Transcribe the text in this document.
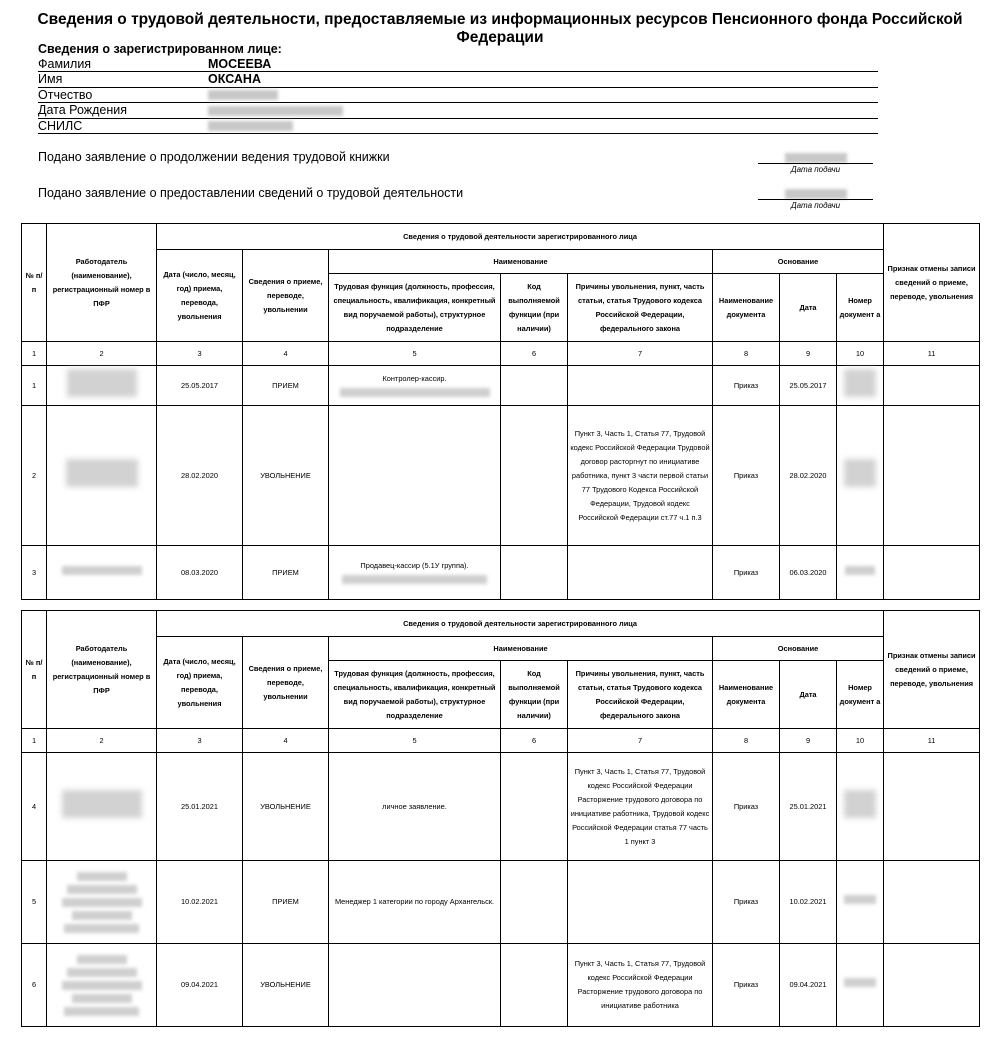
Сведения о трудовой деятельности, предоставляемые из информационных ресурсов Пенсионного фонда Российской Федерации
Сведения о зарегистрированном лице:
Фамилия	МОСЕЕВА
Имя	ОКСАНА
Отчество
Дата Рождения
СНИЛС
Подано заявление о продолжении ведения трудовой книжки
Дата подачи
Подано заявление о предоставлении сведений о трудовой деятельности
Дата подачи
№ п/п	Работодатель (наименование), регистрационный номер в ПФР	Сведения о трудовой деятельности зарегистрированного лица								Признак отмены записи сведений о приеме, переводе, увольнения
		Дата (число, месяц, год) приема, перевода, увольнения	Сведения о приеме, переводе, увольнении	Наименование			Основание			
				Трудовая функция (должность, профессия, специальность, квалификация, конкретный вид поручаемой работы), структурное подразделение	Код выполняемой функции (при наличии)	Причины увольнения, пункт, часть статьи, статья Трудового кодекса Российской Федерации, федерального закона	Наименование документа	Дата	Номер документ а	
1	2	3	4	5	6	7	8	9	10	11
1		25.05.2017	ПРИЕМ	Контролер-кассир.			Приказ	25.05.2017		
2		28.02.2020	УВОЛЬНЕНИЕ			Пункт 3, Часть 1, Статья 77, Трудовой кодекс Российской Федерации Трудовой договор расторгнут по инициативе работника, пункт 3 части первой статьи 77 Трудового Кодекса Российской Федерации, Трудовой кодекс Российской Федерации ст.77 ч.1 п.3	Приказ	28.02.2020		
3		08.03.2020	ПРИЕМ	Продавец-кассир (5.1У группа).			Приказ	06.03.2020		
№ п/п	Работодатель (наименование), регистрационный номер в ПФР	Сведения о трудовой деятельности зарегистрированного лица								Признак отмены записи сведений о приеме, переводе, увольнения
		Дата (число, месяц, год) приема, перевода, увольнения	Сведения о приеме, переводе, увольнении	Наименование			Основание			
				Трудовая функция (должность, профессия, специальность, квалификация, конкретный вид поручаемой работы), структурное подразделение	Код выполняемой функции (при наличии)	Причины увольнения, пункт, часть статьи, статья Трудового кодекса Российской Федерации, федерального закона	Наименование документа	Дата	Номер документ а	
1	2	3	4	5	6	7	8	9	10	11
4		25.01.2021	УВОЛЬНЕНИЕ	личное заявление.		Пункт 3, Часть 1, Статья 77, Трудовой кодекс Российской Федерации Расторжение трудового договора по инициативе работника, Трудовой кодекс Российской Федерации статья 77 часть 1 пункт 3	Приказ	25.01.2021		
5		10.02.2021	ПРИЕМ	Менеджер 1 категории по городу Архангельск.			Приказ	10.02.2021		
6		09.04.2021	УВОЛЬНЕНИЕ			Пункт 3, Часть 1, Статья 77, Трудовой кодекс Российской Федерации Расторжение трудового договора по инициативе работника	Приказ	09.04.2021		
